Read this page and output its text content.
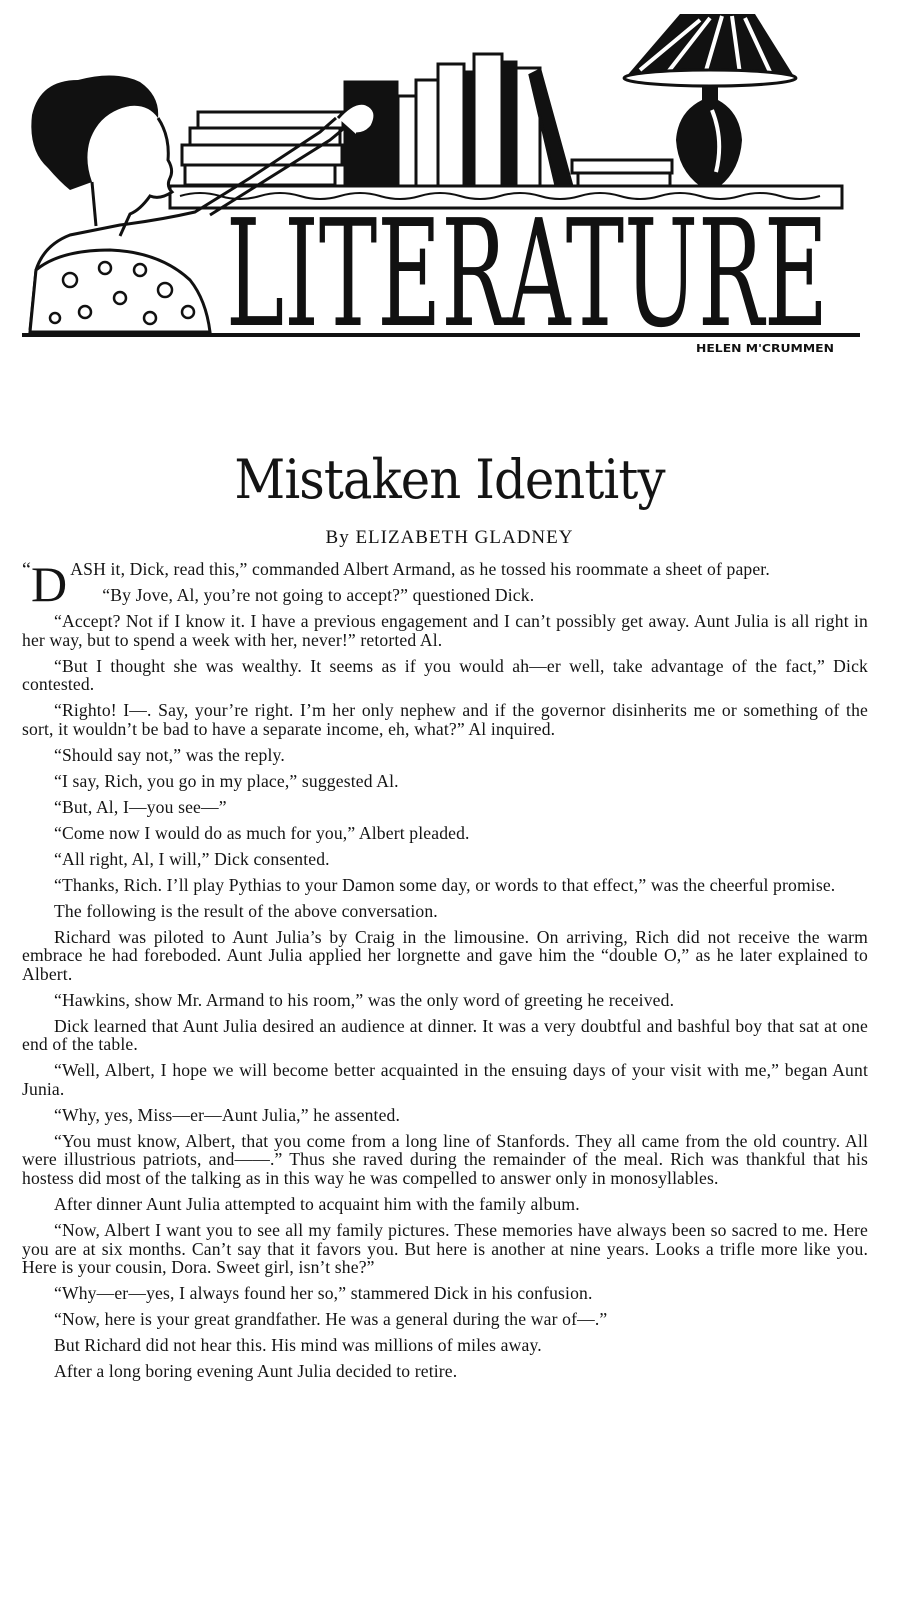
LITERATURE
HELEN M'CRUMMEN
Mistaken Identity
By ELIZABETH GLADNEY

“ D ASH it, Dick, read this,” commanded Albert Armand, as he tossed his roommate a sheet of paper.

“By Jove, Al, you’re not going to accept?” questioned Dick.

“Accept? Not if I know it. I have a previous engagement and I can’t possibly get away. Aunt Julia is all right in her way, but to spend a week with her, never!” retorted Al.

“But I thought she was wealthy. It seems as if you would ah—er well, take advantage of the fact,” Dick contested.

“Righto! I—. Say, your’re right. I’m her only nephew and if the governor disinherits me or something of the sort, it wouldn’t be bad to have a separate income, eh, what?” Al inquired.

“Should say not,” was the reply.

“I say, Rich, you go in my place,” suggested Al.

“But, Al, I—you see—”

“Come now I would do as much for you,” Albert pleaded.

“All right, Al, I will,” Dick consented.

“Thanks, Rich. I’ll play Pythias to your Damon some day, or words to that effect,” was the cheerful promise.

The following is the result of the above conversation.

Richard was piloted to Aunt Julia’s by Craig in the limousine. On arriving, Rich did not receive the warm embrace he had foreboded. Aunt Julia applied her lorgnette and gave him the “double O,” as he later explained to Albert.

“Hawkins, show Mr. Armand to his room,” was the only word of greeting he received.

Dick learned that Aunt Julia desired an audience at dinner. It was a very doubtful and bashful boy that sat at one end of the table.

“Well, Albert, I hope we will become better acquainted in the ensuing days of your visit with me,” began Aunt Junia.

“Why, yes, Miss—er—Aunt Julia,” he assented.

“You must know, Albert, that you come from a long line of Stanfords. They all came from the old country. All were illustrious patriots, and——.” Thus she raved during the remainder of the meal. Rich was thankful that his hostess did most of the talking as in this way he was compelled to answer only in monosyllables.

After dinner Aunt Julia attempted to acquaint him with the family album.

“Now, Albert I want you to see all my family pictures. These memories have always been so sacred to me. Here you are at six months. Can’t say that it favors you. But here is another at nine years. Looks a trifle more like you. Here is your cousin, Dora. Sweet girl, isn’t she?”

“Why—er—yes, I always found her so,” stammered Dick in his confusion.

“Now, here is your great grandfather. He was a general during the war of—.”

But Richard did not hear this. His mind was millions of miles away.

After a long boring evening Aunt Julia decided to retire.
